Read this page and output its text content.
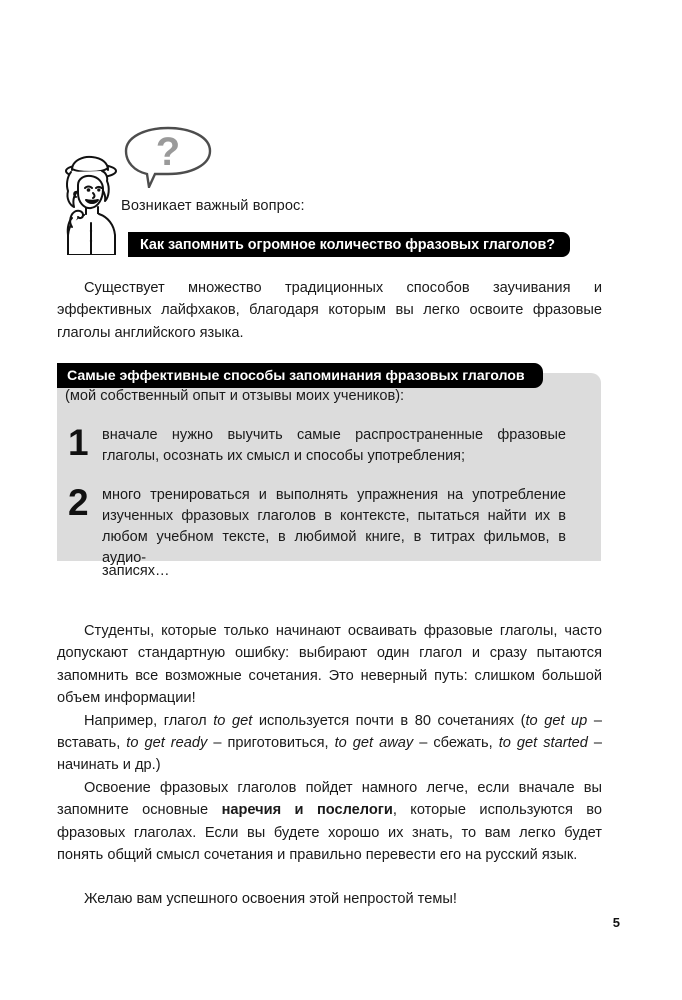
?
Возникает важный вопрос:
Как запомнить огромное количество фразовых глаголов?

Существует множество традиционных способов заучивания и эффективных лайфхаков, благодаря которым вы легко освоите фразовые глаголы английского языка.

Самые эффективные способы запоминания фразовых глаголов
(мой собственный опыт и отзывы моих учеников):
1 вначале нужно выучить самые распространенные фразовые глаголы, осознать их смысл и способы употребления;
2 много тренироваться и выполнять упражнения на употребление изученных фразовых глаголов в контексте, пытаться найти их в любом учебном тексте, в любимой книге, в титрах фильмов, в аудио-
записях…

Студенты, которые только начинают осваивать фразовые глаголы, часто допускают стандартную ошибку: выбирают один глагол и сразу пытаются запомнить все возможные сочетания. Это неверный путь: слишком большой объем информации!

Например, глагол to get используется почти в 80 сочетаниях (to get up – вставать, to get ready – приготовиться, to get away – сбежать, to get started – начинать и др.)

Освоение фразовых глаголов пойдет намного легче, если вначале вы запомните основные наречия и послелоги, которые используются во фразовых глаголах. Если вы будете хорошо их знать, то вам легко будет понять общий смысл сочетания и правильно перевести его на русский язык.

Желаю вам успешного освоения этой непростой темы!

5
